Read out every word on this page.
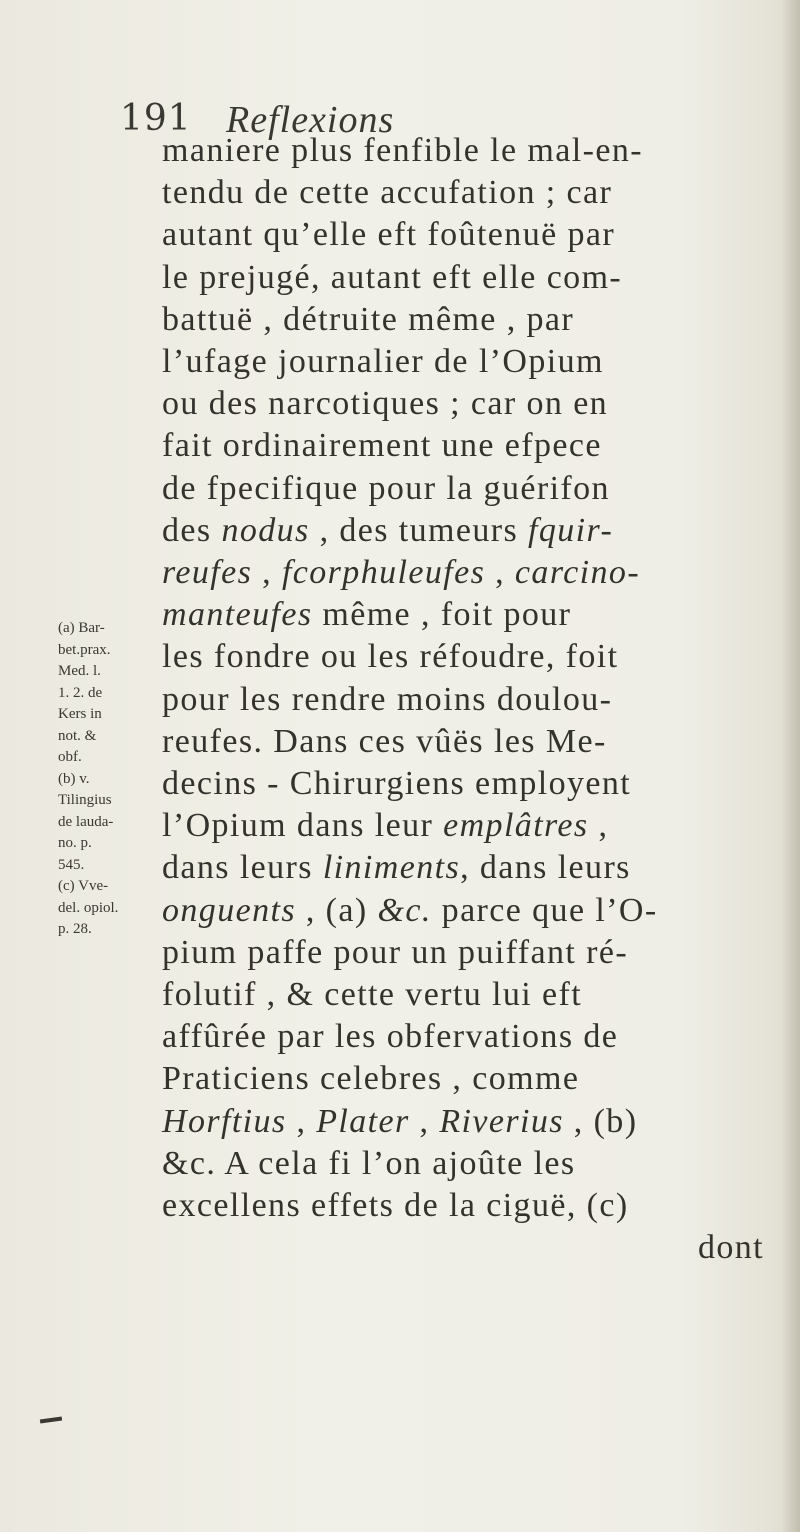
191 Reflexions
maniere plus fenfible le mal-en-
tendu de cette accufation ; car
autant qu’elle eft foûtenuë par
le prejugé, autant eft elle com-
battuë , détruite même , par
l’ufage journalier de l’Opium
ou des narcotiques ; car on en
fait ordinairement une efpece
de fpecifique pour la guérifon
des nodus , des tumeurs fquir-
reufes , fcorphuleufes , carcino-
manteufes même , foit pour
les fondre ou les réfoudre, foit
pour les rendre moins doulou-
reufes. Dans ces vûës les Me-
decins - Chirurgiens employent
l’Opium dans leur emplâtres ,
dans leurs liniments, dans leurs
onguents , (a) &c. parce que l’O-
pium paffe pour un puiffant ré-
folutif , & cette vertu lui eft
affûrée par les obfervations de
Praticiens celebres , comme
Horftius , Plater , Riverius , (b)
&c. A cela fi l’on ajoûte les
excellens effets de la ciguë, (c)
dont
(a) Bar-
bet.prax.
Med. l.
1. 2. de
Kers in
not. &
obf.
(b) v.
Tilingius
de lauda-
no. p.
545.
(c) Vve-
del. opiol.
p. 28.
